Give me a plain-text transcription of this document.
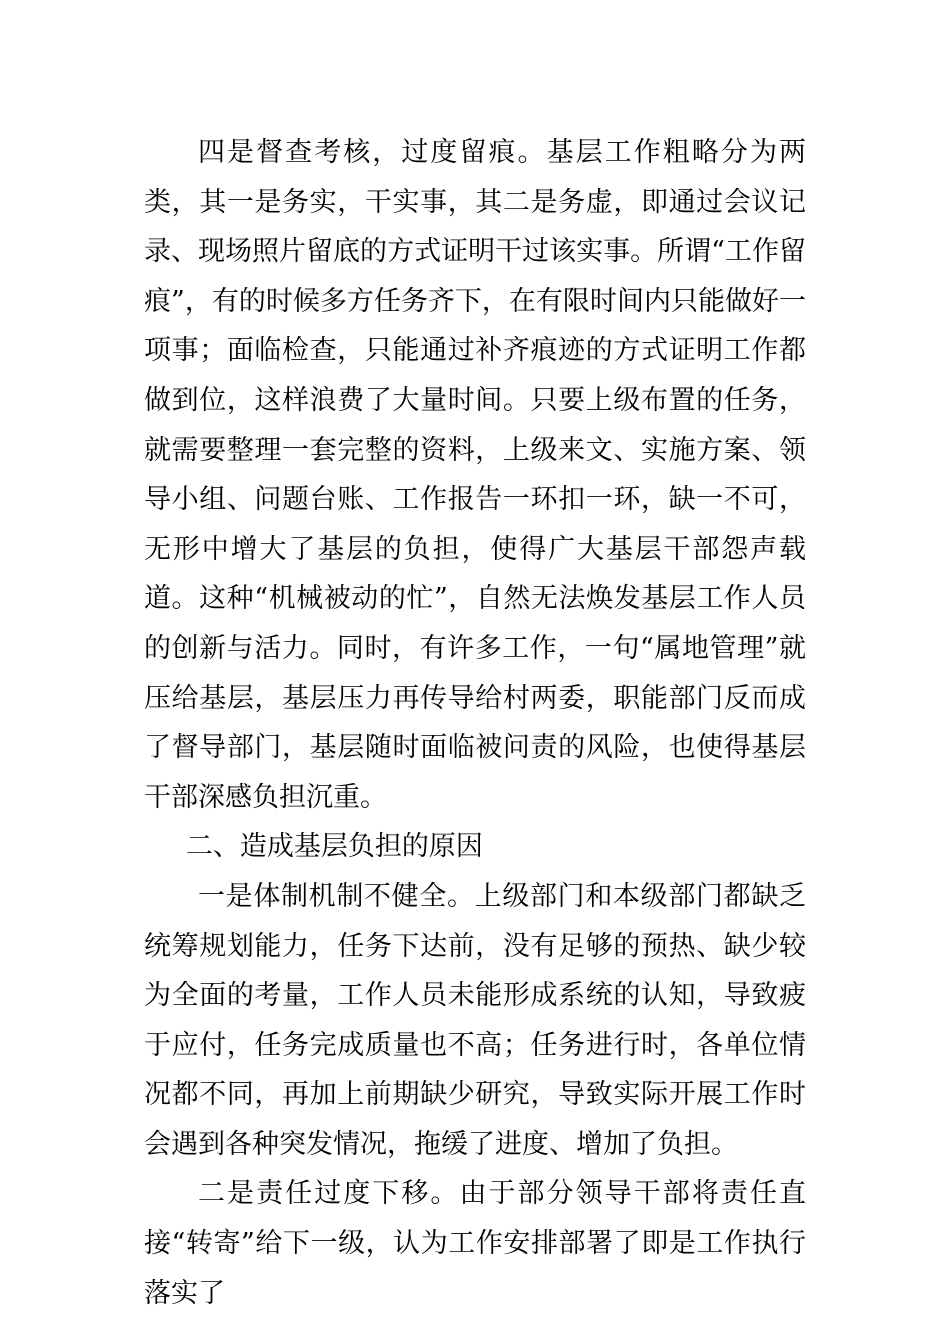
四是督查考核，过度留痕。基层工作粗略分为两类，其一是务实，干实事，其二是务虚，即通过会议记录、现场照片留底的方式证明干过该实事。所谓“工作留痕”，有的时候多方任务齐下，在有限时间内只能做好一项事；面临检查，只能通过补齐痕迹的方式证明工作都做到位，这样浪费了大量时间。只要上级布置的任务，就需要整理一套完整的资料，上级来文、实施方案、领导小组、问题台账、工作报告一环扣一环，缺一不可，无形中增大了基层的负担，使得广大基层干部怨声载道。这种“机械被动的忙”，自然无法焕发基层工作人员的创新与活力。同时，有许多工作，一句“属地管理”就压给基层，基层压力再传导给村两委，职能部门反而成了督导部门，基层随时面临被问责的风险，也使得基层干部深感负担沉重。

二、造成基层负担的原因

一是体制机制不健全。上级部门和本级部门都缺乏统筹规划能力，任务下达前，没有足够的预热、缺少较为全面的考量，工作人员未能形成系统的认知，导致疲于应付，任务完成质量也不高；任务进行时，各单位情况都不同，再加上前期缺少研究，导致实际开展工作时会遇到各种突发情况，拖缓了进度、增加了负担。

二是责任过度下移。由于部分领导干部将责任直接“转寄”给下一级，认为工作安排部署了即是工作执行落实了
